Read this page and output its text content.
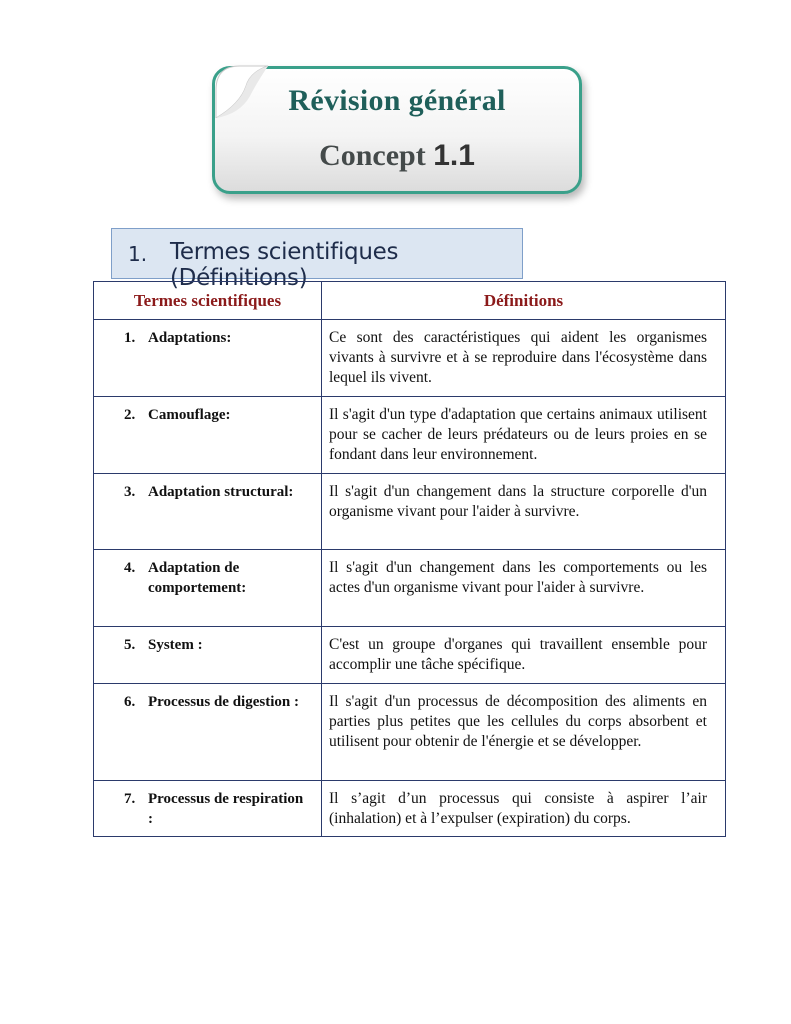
Révision général
Concept 1.1
1. Termes scientifiques (Définitions)
Termes scientifiques	Définitions
1. Adaptations:	Ce sont des caractéristiques qui aident les organismes vivants à survivre et à se reproduire dans l'écosystème dans lequel ils vivent.
2. Camouflage:	Il s'agit d'un type d'adaptation que certains animaux utilisent pour se cacher de leurs prédateurs ou de leurs proies en se fondant dans leur environnement.
3. Adaptation structural:	Il s'agit d'un changement dans la structure corporelle d'un organisme vivant pour l'aider à survivre.
4. Adaptation de comportement:	Il s'agit d'un changement dans les comportements ou les actes d'un organisme vivant pour l'aider à survivre.
5. System :	C'est un groupe d'organes qui travaillent ensemble pour accomplir une tâche spécifique.
6. Processus de digestion :	Il s'agit d'un processus de décomposition des aliments en parties plus petites que les cellules du corps absorbent et utilisent pour obtenir de l'énergie et se développer.
7. Processus de respiration :	Il s’agit d’un processus qui consiste à aspirer l’air (inhalation) et à l’expulser (expiration) du corps.
